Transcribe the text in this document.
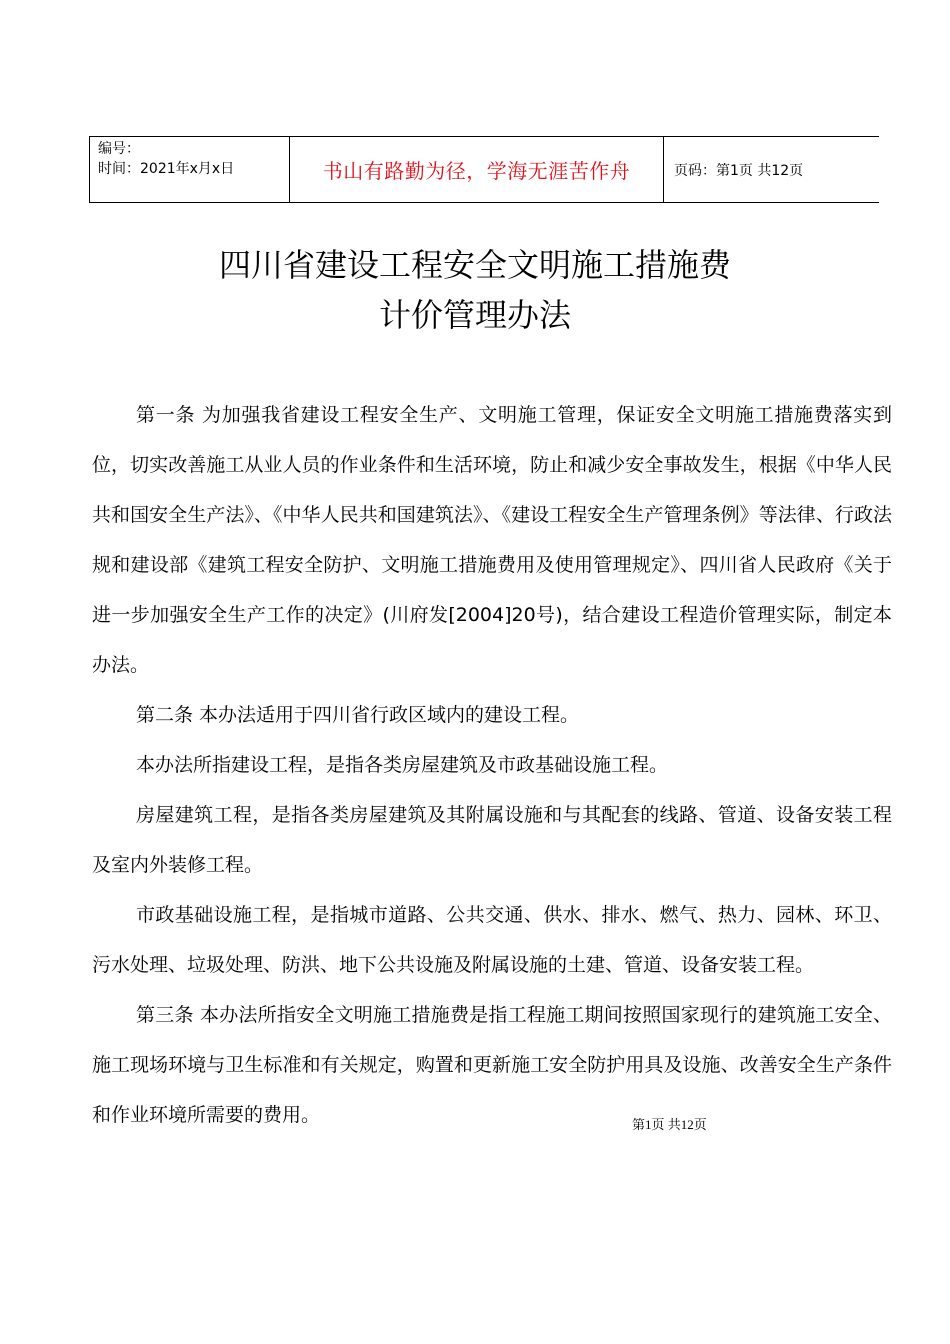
编号：
时间：2021年x月x日	书山有路勤为径，学海无涯苦作舟	页码：第1页 共12页
四川省建设工程安全文明施工措施费
计价管理办法

第一条 为加强我省建设工程安全生产、文明施工管理，保证安全文明施工措施费落实到位，切实改善施工从业人员的作业条件和生活环境，防止和减少安全事故发生，根据《中华人民共和国安全生产法》、《中华人民共和国建筑法》、《建设工程安全生产管理条例》等法律、行政法规和建设部《建筑工程安全防护、文明施工措施费用及使用管理规定》、四川省人民政府《关于进一步加强安全生产工作的决定》(川府发[2004]20号)，结合建设工程造价管理实际，制定本办法。

第二条 本办法适用于四川省行政区域内的建设工程。

本办法所指建设工程，是指各类房屋建筑及市政基础设施工程。

房屋建筑工程，是指各类房屋建筑及其附属设施和与其配套的线路、管道、设备安装工程及室内外装修工程。

市政基础设施工程，是指城市道路、公共交通、供水、排水、燃气、热力、园林、环卫、污水处理、垃圾处理、防洪、地下公共设施及附属设施的土建、管道、设备安装工程。

第三条 本办法所指安全文明施工措施费是指工程施工期间按照国家现行的建筑施工安全、施工现场环境与卫生标准和有关规定，购置和更新施工安全防护用具及设施、改善安全生产条件和作业环境所需要的费用。	第1页 共12页
